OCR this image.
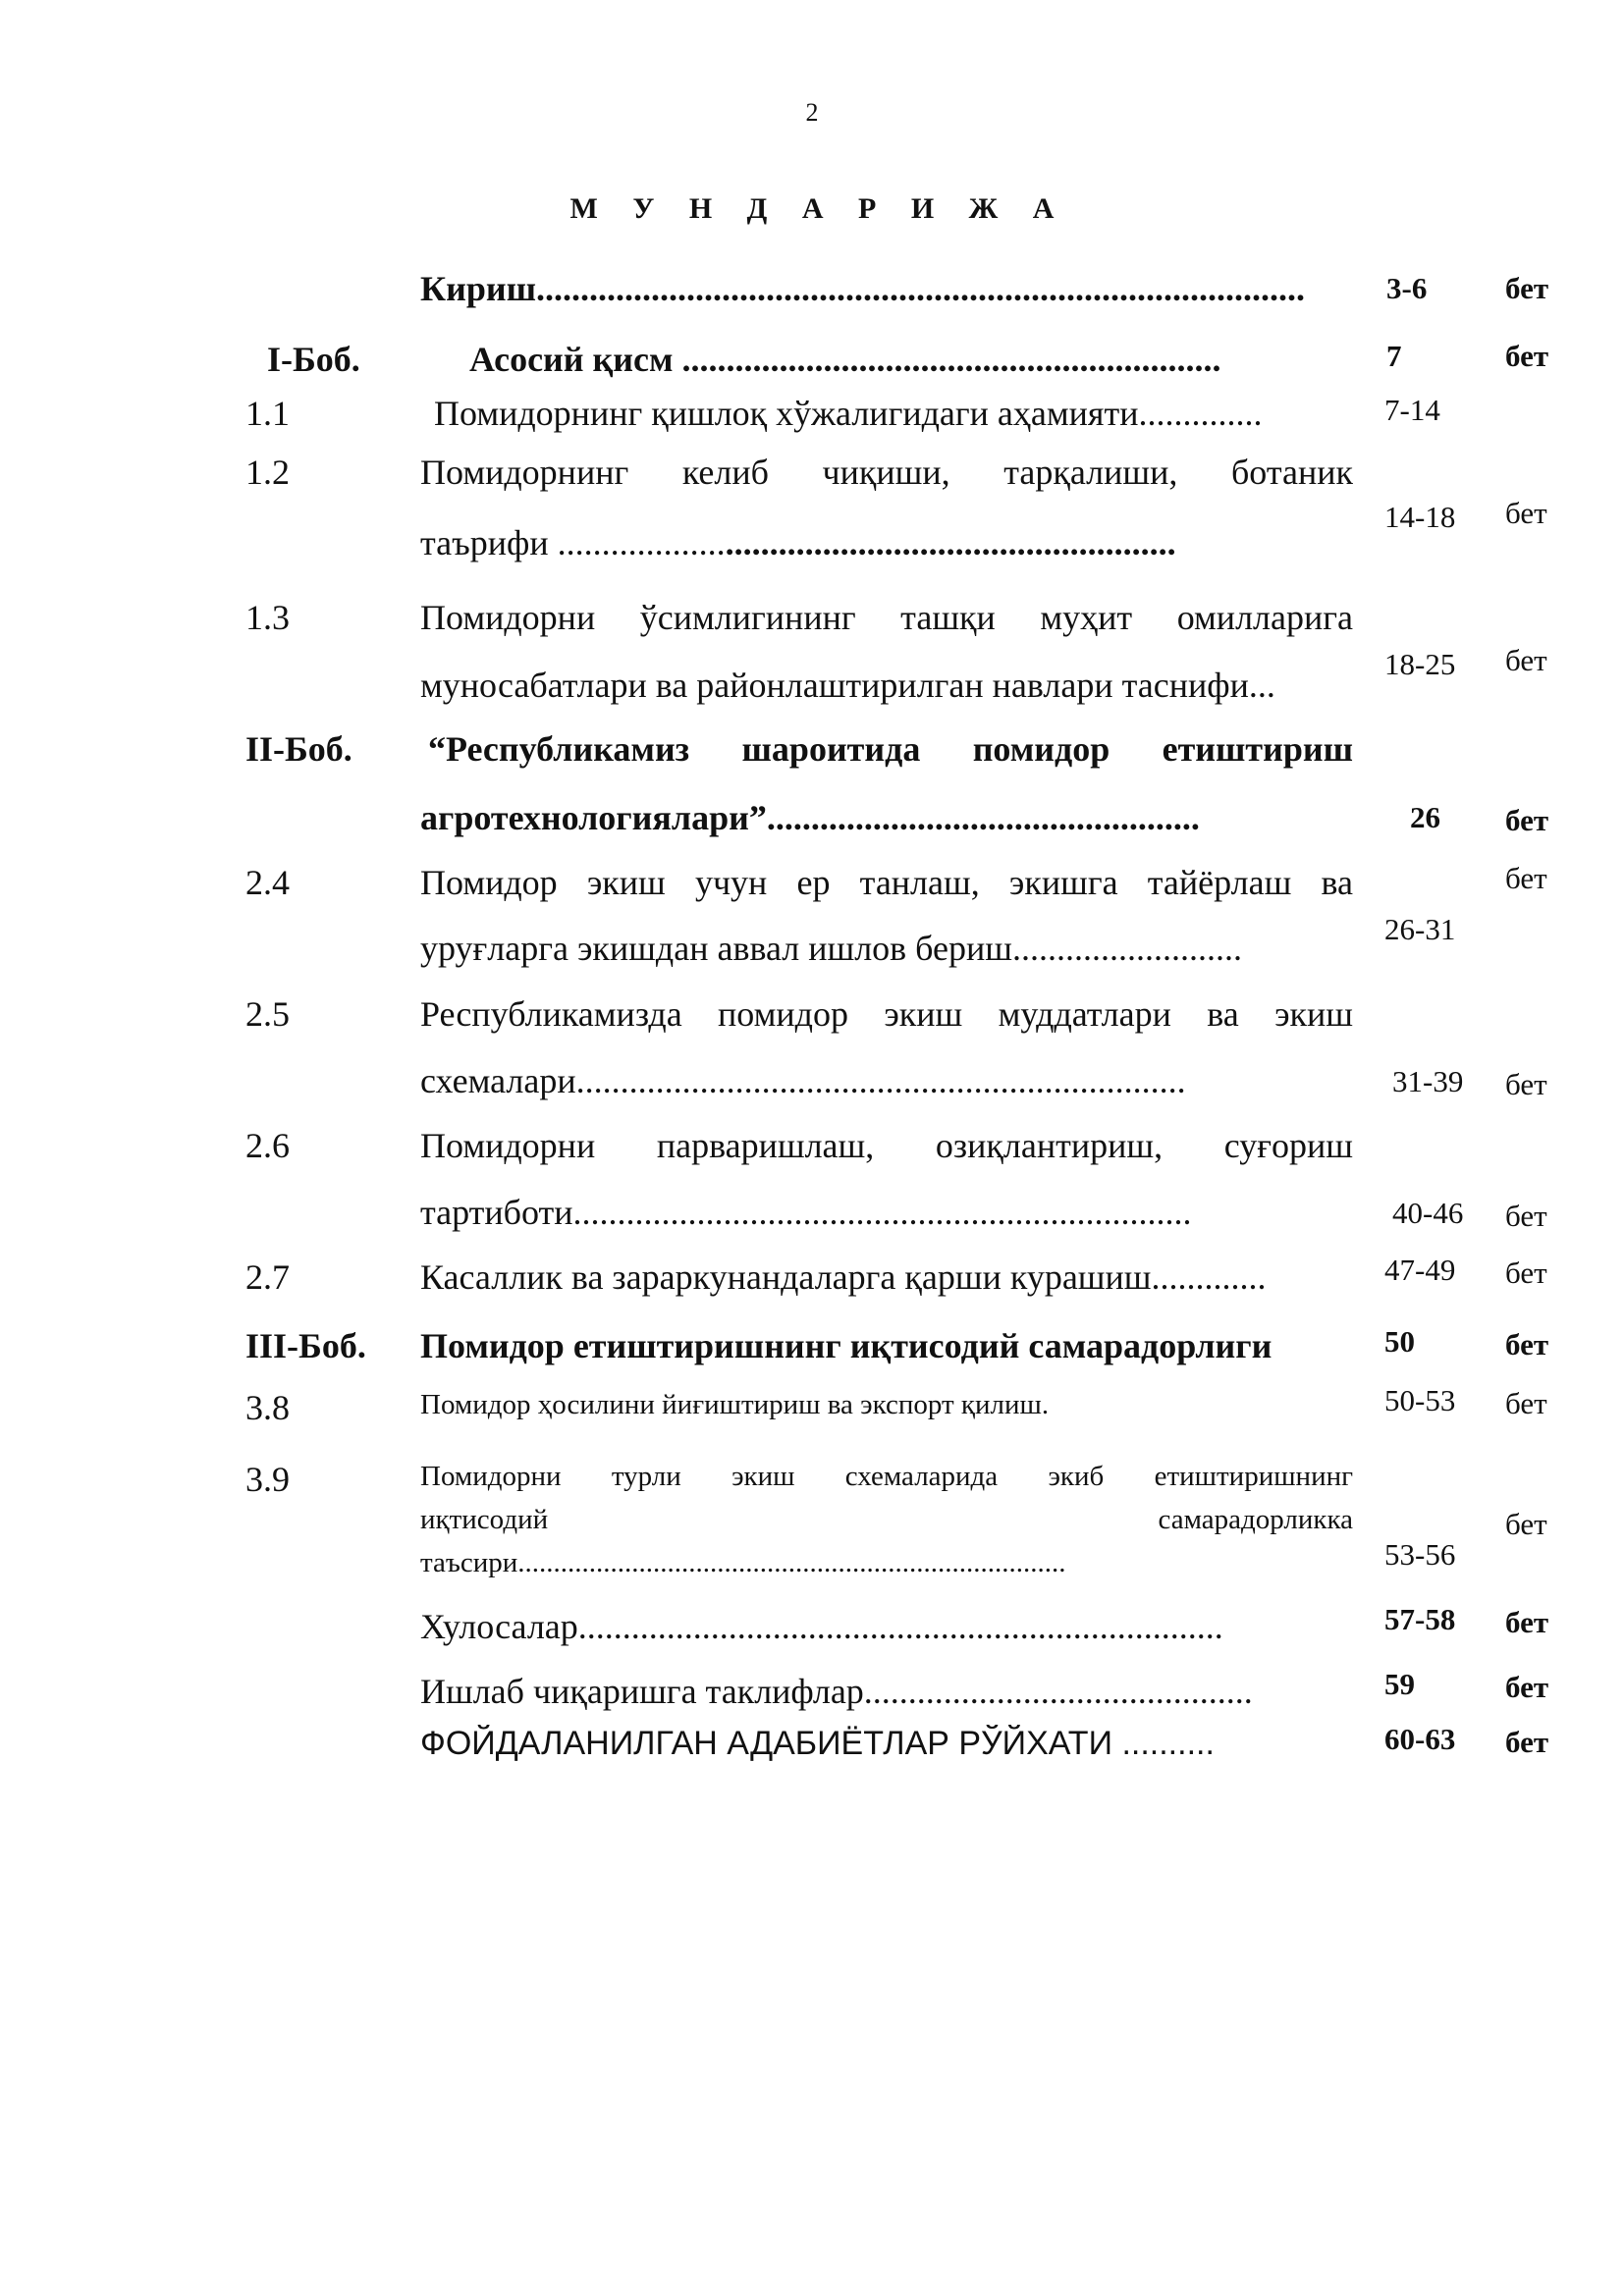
2
М У Н Д А Р И Ж А
Кириш.......................................................................................	3-6	бет
I-Боб.	Асосий қисм .............................................................	7	бет
1.1	Помидорнинг қишлоқ хўжалигидаги аҳамияти..............	7-14
1.2	Помидорнинг келиб чиқиши, тарқалиши, ботаник
таърифи ......................................................................
14-18 бет
1.3	Помидорни ўсимлигининг ташқи муҳит омилларига
муносабатлари ва районлаштирилган навлари таснифи...
18-25 бет
II-Боб. “Республикамиз шароитида помидор етиштириш
агротехнологиялари”.................................................	26 бет
2.4	Помидор экиш учун ер танлаш, экишга тайёрлаш ва
уруғларга экишдан аввал ишлов бериш..........................	26-31
бет
2.5	Республикамизда помидор экиш муддатлари ва экиш
схемалари.....................................................................	31-39 бет
2.6	Помидорни парваришлаш, озиқлантириш, суғориш
тартиботи......................................................................	40-46 бет
2.7	Касаллик ва зараркунандаларга қарши курашиш.............	47-49 бет
III-Боб. Помидор етиштиришнинг иқтисодий самарадорлиги	50	бет
3.8	Помидор ҳосилини йиғиштириш ва экспорт қилиш.	50-53 бет
3.9	Помидорни турли экиш схемаларида экиб етиштиришнинг
иқтисодий самарадорликка
таъсири.............................................................................	53-56
бет
Хулосалар.........................................................................	57-58 бет
Ишлаб чиқаришга таклифлар............................................	59	бет
ФОЙДАЛАНИЛГАН АДАБИЁТЛАР РЎЙХАТИ ..........	60-63 бет
